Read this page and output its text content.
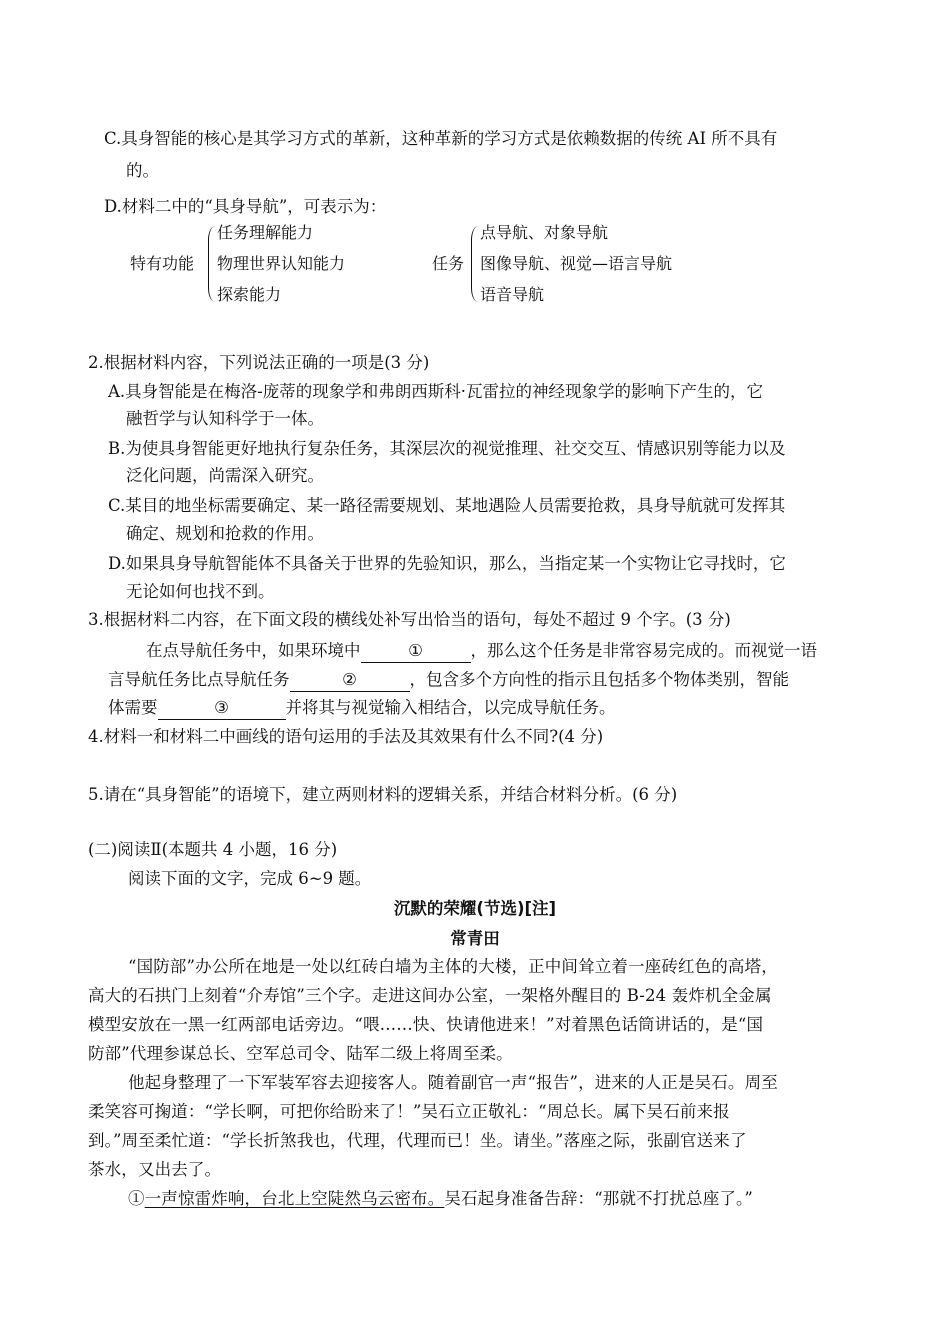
C.具身智能的核心是其学习方式的革新，这种革新的学习方式是依赖数据的传统 AI 所不具有
的。
D.材料二中的“具身导航”，可表示为：
特有功能
任务理解能力
物理世界认知能力
探索能力
任务
点导航、对象导航
图像导航、视觉—语言导航
语音导航
2.根据材料内容，下列说法正确的一项是(3 分)
A.具身智能是在梅洛-庞蒂的现象学和弗朗西斯科·瓦雷拉的神经现象学的影响下产生的，它
融哲学与认知科学于一体。
B.为使具身智能更好地执行复杂任务，其深层次的视觉推理、社交交互、情感识别等能力以及
泛化问题，尚需深入研究。
C.某目的地坐标需要确定、某一路径需要规划、某地遇险人员需要抢救，具身导航就可发挥其
确定、规划和抢救的作用。
D.如果具身导航智能体不具备关于世界的先验知识，那么，当指定某一个实物让它寻找时，它
无论如何也找不到。
3.根据材料二内容，在下面文段的横线处补写出恰当的语句，每处不超过 9 个字。(3 分)
在点导航任务中，如果环境中	①	，那么这个任务是非常容易完成的。而视觉一语
言导航任务比点导航任务	②	，包含多个方向性的指示且包括多个物体类别，智能
体需要	③	并将其与视觉输入相结合，以完成导航任务。
4.材料一和材料二中画线的语句运用的手法及其效果有什么不同?(4 分)
5.请在“具身智能”的语境下，建立两则材料的逻辑关系，并结合材料分析。(6 分)
(二)阅读Ⅱ(本题共 4 小题，16 分)
阅读下面的文字，完成 6~9 题。
沉默的荣耀(节选)[注]
常青田
“国防部”办公所在地是一处以红砖白墙为主体的大楼，正中间耸立着一座砖红色的高塔，
高大的石拱门上刻着“介寿馆”三个字。走进这间办公室，一架格外醒目的 B-24 轰炸机全金属
模型安放在一黑一红两部电话旁边。“喂……快、快请他进来！”对着黑色话筒讲话的，是“国
防部”代理参谋总长、空军总司令、陆军二级上将周至柔。
他起身整理了一下军装军容去迎接客人。随着副官一声“报告”，进来的人正是吴石。周至
柔笑容可掬道：“学长啊，可把你给盼来了！”吴石立正敬礼：“周总长。属下吴石前来报
到。”周至柔忙道：“学长折煞我也，代理，代理而已！坐。请坐。”落座之际，张副官送来了
茶水，又出去了。
①一声惊雷炸响，台北上空陡然乌云密布。吴石起身准备告辞：“那就不打扰总座了。”
